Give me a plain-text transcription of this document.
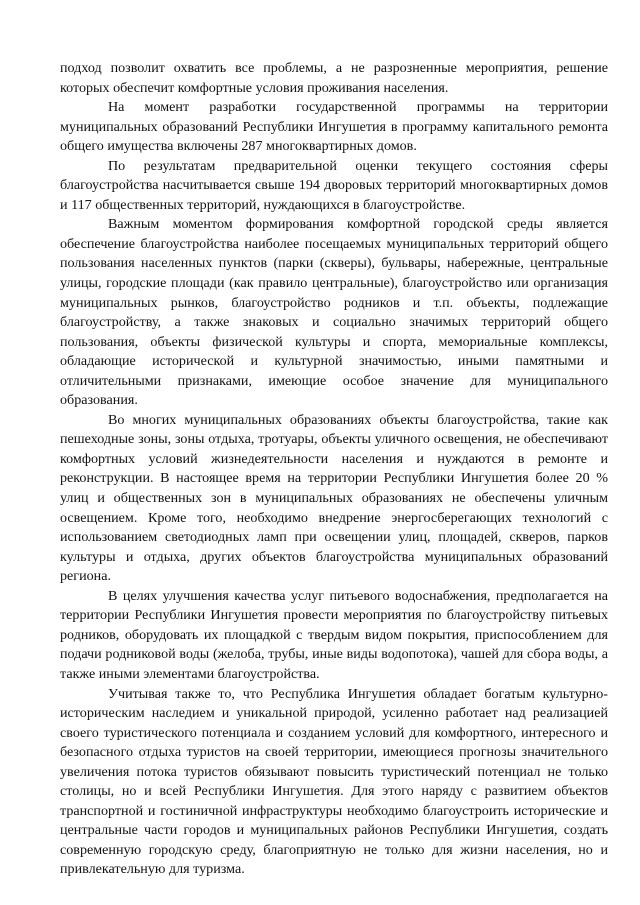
подход позволит охватить все проблемы, а не разрозненные мероприятия, решение которых обеспечит комфортные условия проживания населения.

На момент разработки государственной программы на территории муниципальных образований Республики Ингушетия в программу капитального ремонта общего имущества включены 287 многоквартирных домов.

По результатам предварительной оценки текущего состояния сферы благоустройства насчитывается свыше 194 дворовых территорий многоквартирных домов и 117 общественных территорий, нуждающихся в благоустройстве.

Важным моментом формирования комфортной городской среды является обеспечение благоустройства наиболее посещаемых муниципальных территорий общего пользования населенных пунктов (парки (скверы), бульвары, набережные, центральные улицы, городские площади (как правило центральные), благоустройство или организация муниципальных рынков, благоустройство родников и т.п. объекты, подлежащие благоустройству, а также знаковых и социально значимых территорий общего пользования, объекты физической культуры и спорта, мемориальные комплексы, обладающие исторической и культурной значимостью, иными памятными и отличительными признаками, имеющие особое значение для муниципального образования.

Во многих муниципальных образованиях объекты благоустройства, такие как пешеходные зоны, зоны отдыха, тротуары, объекты уличного освещения, не обеспечивают комфортных условий жизнедеятельности населения и нуждаются в ремонте и реконструкции. В настоящее время на территории Республики Ингушетия более 20 % улиц и общественных зон в муниципальных образованиях не обеспечены уличным освещением. Кроме того, необходимо внедрение энергосберегающих технологий с использованием светодиодных ламп при освещении улиц, площадей, скверов, парков культуры и отдыха, других объектов благоустройства муниципальных образований региона.

В целях улучшения качества услуг питьевого водоснабжения, предполагается на территории Республики Ингушетия провести мероприятия по благоустройству питьевых родников, оборудовать их площадкой с твердым видом покрытия, приспособлением для подачи родниковой воды (желоба, трубы, иные виды водопотока), чашей для сбора воды, а также иными элементами благоустройства.

Учитывая также то, что Республика Ингушетия обладает богатым культурно-историческим наследием и уникальной природой, усиленно работает над реализацией своего туристического потенциала и созданием условий для комфортного, интересного и безопасного отдыха туристов на своей территории, имеющиеся прогнозы значительного увеличения потока туристов обязывают повысить туристический потенциал не только столицы, но и всей Республики Ингушетия. Для этого наряду с развитием объектов транспортной и гостиничной инфраструктуры необходимо благоустроить исторические и центральные части городов и муниципальных районов Республики Ингушетия, создать современную городскую среду, благоприятную не только для жизни населения, но и привлекательную для туризма.
